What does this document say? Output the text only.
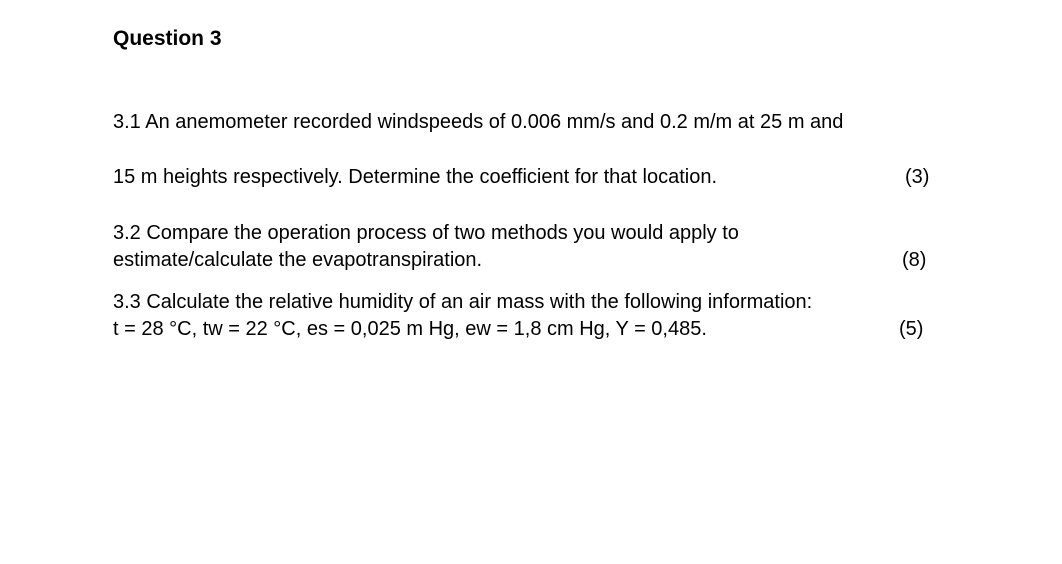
Question 3
3.1 An anemometer recorded windspeeds of 0.006 mm/s and 0.2 m/m at 25 m and
15 m heights respectively. Determine the coefficient for that location.	(3)
3.2 Compare the operation process of two methods you would apply to
estimate/calculate the evapotranspiration.	(8)
3.3 Calculate the relative humidity of an air mass with the following information:
t = 28 °C, tw = 22 °C, es = 0,025 m Hg, ew = 1,8 cm Hg, Y = 0,485.	(5)
